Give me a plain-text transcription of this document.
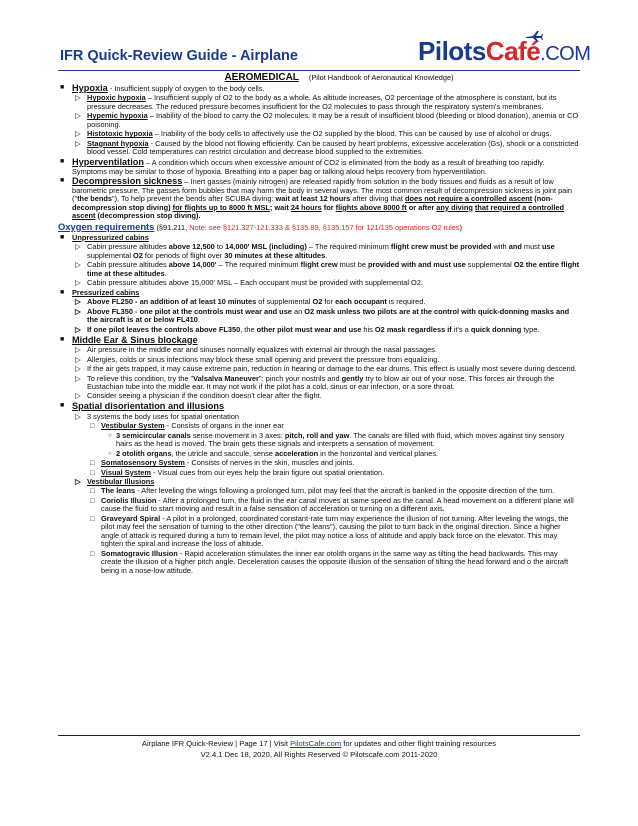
IFR Quick-Review Guide - Airplane	PilotsCafé.COM
AEROMEDICAL (Pilot Handbook of Aeronautical Knowledge)
■ Hypoxia - Insufficient supply of oxygen to the body cells.
▷ Hypoxic hypoxia – Insufficient supply of O2 to the body as a whole. As altitude increases, O2 percentage of the atmosphere is constant, but its pressure decreases. The reduced pressure becomes insufficient for the O2 molecules to pass through the respiratory system's membranes.
▷ Hypemic hypoxia – Inability of the blood to carry the O2 molecules. It may be a result of insufficient blood (bleeding or blood donation), anemia or CO poisoning.
▷ Histotoxic hypoxia – Inability of the body cells to affectively use the O2 supplied by the blood. This can be caused by use of alcohol or drugs.
▷ Stagnant hypoxia - Caused by the blood not flowing efficiently. Can be caused by heart problems, excessive acceleration (Gs), shock or a constricted blood vessel. Cold temperatures can restrict circulation and decrease blood supplied to the extremities.
■ Hyperventilation – A condition which occurs when excessive amount of CO2 is eliminated from the body as a result of breathing too rapidly. Symptoms may be similar to those of hypoxia. Breathing into a paper bag or talking aloud helps recovery from hyperventilation.
■ Decompression sickness – Inert gasses (mainly nitrogen) are released rapidly from solution in the body tissues and fluids as a result of low barometric pressure. The gasses form bubbles that may harm the body in several ways. The most common result of decompression sickness is joint pain ("the bends"). To help prevent the bends after SCUBA diving: wait at least 12 hours after diving that does not require a controlled ascent (non-decompression stop diving) for flights up to 8000 ft MSL; wait 24 hours for flights above 8000 ft or after any diving that required a controlled ascent (decompression stop diving).
Oxygen requirements (§91.211, Note: see §121.327-121.333 & §135.89, §135.157 for 121/135 operations O2 rules)
■ Unpressurized cabins
▷ Cabin pressure altitudes above 12,500 to 14,000' MSL (including) – The required minimum flight crew must be provided with and must use supplemental O2 for periods of flight over 30 minutes at these altitudes.
▷ Cabin pressure altitudes above 14,000' – The required minimum flight crew must be provided with and must use supplemental O2 the entire flight time at these altitudes.
▷ Cabin pressure altitudes above 15,000' MSL – Each occupant must be provided with supplemental O2.
■ Pressurized cabins
▷ Above FL250 - an addition of at least 10 minutes of supplemental O2 for each occupant is required.
▷ Above FL350 - one pilot at the controls must wear and use an O2 mask unless two pilots are at the control with quick-donning masks and the aircraft is at or below FL410.
▷ If one pilot leaves the controls above FL350, the other pilot must wear and use his O2 mask regardless if it's a quick donning type.
■ Middle Ear & Sinus blockage
▷ Air pressure in the middle ear and sinuses normally equalizes with external air through the nasal passages.
▷ Allergies, colds or sinus infections may block these small opening and prevent the pressure from equalizing.
▷ If the air gets trapped, it may cause extreme pain, reduction in hearing or damage to the ear drums. This effect is usually most severe during descend.
▷ To relieve this condition, try the "Valsalva Maneuver": pinch your nostrils and gently try to blow air out of your nose. This forces air through the Eustachian tube into the middle ear. It may not work if the pilot has a cold, sinus or ear infection, or a sore throat.
▷ Consider seeing a physician if the condition doesn't clear after the flight.
■ Spatial disorientation and illusions
▷ 3 systems the body uses for spatial orientation
□ Vestibular System - Consists of organs in the inner ear
○ 3 semicircular canals sense movement in 3 axes: pitch, roll and yaw. The canals are filled with fluid, which moves against tiny sensory hairs as the head is moved. The brain gets these signals and interprets a sensation of movement.
○ 2 otolith organs, the utricle and saccule, sense acceleration in the horizontal and vertical planes.
□ Somatosensory System - Consists of nerves in the skin, muscles and joints.
□ Visual System - Visual cues from our eyes help the brain figure out spatial orientation.
▷ Vestibular Illusions
□ The leans - After leveling the wings following a prolonged turn, pilot may feel that the aircraft is banked in the opposite direction of the turn.
□ Coriolis Illusion - After a prolonged turn, the fluid in the ear canal moves at same speed as the canal. A head movement on a different plane will cause the fluid to start moving and result in a false sensation of acceleration or turning on a different axis.
□ Graveyard Spiral - A pilot in a prolonged, coordinated constant-rate turn may experience the illusion of not turning. After leveling the wings, the pilot may feel the sensation of turning to the other direction ("the leans"), causing the pilot to turn back in the original direction. Since a higher angle of attack is required during a turn to remain level, the pilot may notice a loss of altitude and apply back force on the elevator. This may tighten the spiral and increase the loss of altitude.
□ Somatogravic Illusion - Rapid acceleration stimulates the inner ear otolith organs in the same way as tilting the head backwards. This may create the illusion of a higher pitch angle. Deceleration causes the opposite illusion of the sensation of tilting the head forward and o the aircraft being in a nose-low attitude.
Airplane IFR Quick-Review | Page 17 | Visit PilotsCafe.com for updates and other flight training resources
V2.4.1 Dec 18, 2020, All Rights Reserved © Pilotscafe.com 2011-2020
